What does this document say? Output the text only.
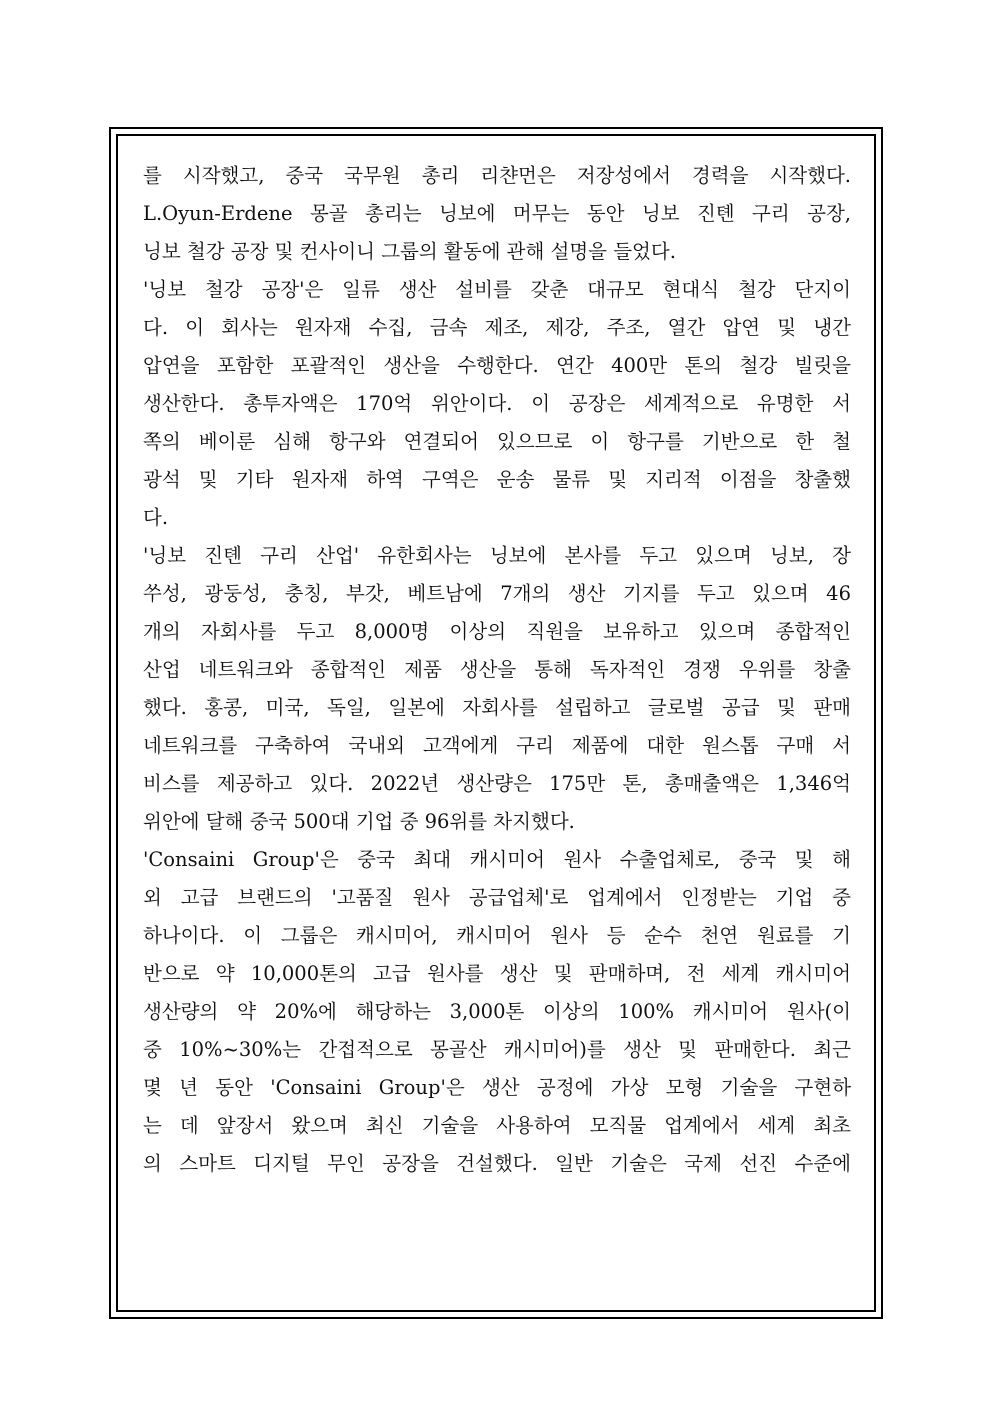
를 시작했고, 중국 국무원 총리 리챤먼은 저장성에서 경력을 시작했다.
L.Oyun-Erdene 몽골 총리는 닝보에 머무는 동안 닝보 진톈 구리 공장,
닝보 철강 공장 및 컨사이니 그룹의 활동에 관해 설명을 들었다.
'닝보 철강 공장'은 일류 생산 설비를 갖춘 대규모 현대식 철강 단지이
다. 이 회사는 원자재 수집, 금속 제조, 제강, 주조, 열간 압연 및 냉간
압연을 포함한 포괄적인 생산을 수행한다. 연간 400만 톤의 철강 빌릿을
생산한다. 총투자액은 170억 위안이다. 이 공장은 세계적으로 유명한 서
쪽의 베이룬 심해 항구와 연결되어 있으므로 이 항구를 기반으로 한 철
광석 및 기타 원자재 하역 구역은 운송 물류 및 지리적 이점을 창출했
다.
'닝보 진톈 구리 산업' 유한회사는 닝보에 본사를 두고 있으며 닝보, 장
쑤성, 광둥성, 충칭, 부갓, 베트남에 7개의 생산 기지를 두고 있으며 46
개의 자회사를 두고 8,000명 이상의 직원을 보유하고 있으며 종합적인
산업 네트워크와 종합적인 제품 생산을 통해 독자적인 경쟁 우위를 창출
했다. 홍콩, 미국, 독일, 일본에 자회사를 설립하고 글로벌 공급 및 판매
네트워크를 구축하여 국내외 고객에게 구리 제품에 대한 원스톱 구매 서
비스를 제공하고 있다. 2022년 생산량은 175만 톤, 총매출액은 1,346억
위안에 달해 중국 500대 기업 중 96위를 차지했다.
'Consaini Group'은 중국 최대 캐시미어 원사 수출업체로, 중국 및 해
외 고급 브랜드의 '고품질 원사 공급업체'로 업계에서 인정받는 기업 중
하나이다. 이 그룹은 캐시미어, 캐시미어 원사 등 순수 천연 원료를 기
반으로 약 10,000톤의 고급 원사를 생산 및 판매하며, 전 세계 캐시미어
생산량의 약 20%에 해당하는 3,000톤 이상의 100% 캐시미어 원사(이
중 10%~30%는 간접적으로 몽골산 캐시미어)를 생산 및 판매한다. 최근
몇 년 동안 'Consaini Group'은 생산 공정에 가상 모형 기술을 구현하
는 데 앞장서 왔으며 최신 기술을 사용하여 모직물 업계에서 세계 최초
의 스마트 디지털 무인 공장을 건설했다. 일반 기술은 국제 선진 수준에
